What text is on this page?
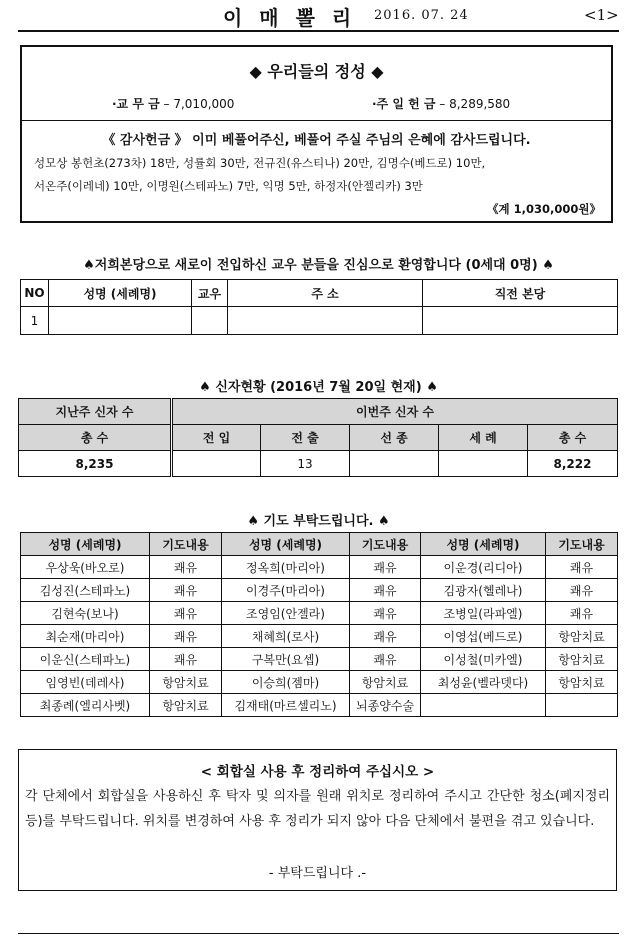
이 매 뽈 리 2016. 07. 24	<1>
◆ 우리들의 정성 ◆
·교 무 금 – 7,010,000	·주 일 헌 금 – 8,289,580
《 감사헌금 》 이미 베풀어주신, 베풀어 주실 주님의 은혜에 감사드립니다.
성모상 봉헌초(273차) 18만, 성률회 30만, 전규진(유스티나) 20만, 김명수(베드로) 10만,
서온주(이레네) 10만, 이명원(스테파노) 7만, 익명 5만, 하정자(안젤리카) 3만
《계 1,030,000원》
♠저희본당으로 새로이 전입하신 교우 분들을 진심으로 환영합니다 (0세대 0명) ♠
NO	성명 (세례명)	교우	주 소	직전 본당
1				
♠ 신자현황 (2016년 7월 20일 현재) ♠
지난주 신자 수	이번주 신자 수				
총 수	전 입	전 출	선 종	세 례	총 수
8,235		13			8,222
♠ 기도 부탁드립니다. ♠
성명 (세례명)	기도내용	성명 (세례명)	기도내용	성명 (세례명)	기도내용
우상욱(바오로)	쾌유	정옥희(마리아)	쾌유	이운경(리디아)	쾌유
김성진(스테파노)	쾌유	이경주(마리아)	쾌유	김광자(헬레나)	쾌유
김현숙(보나)	쾌유	조영임(안젤라)	쾌유	조병일(라파엘)	쾌유
최순재(마리아)	쾌유	채혜희(로사)	쾌유	이영섭(베드로)	항암치료
이운신(스테파노)	쾌유	구복만(요셉)	쾌유	이성철(미카엘)	항암치료
임영빈(데레사)	항암치료	이승희(젬마)	항암치료	최성윤(벨라뎃다)	항암치료
최종례(엘리사벳)	항암치료	김재태(마르셀리노)	뇌종양수술		
< 회합실 사용 후 정리하여 주십시오 >
각 단체에서 회합실을 사용하신 후 탁자 및 의자를 원래 위치로 정리하여 주시고 간단한 청소(폐지정리 등)를 부탁드립니다. 위치를 변경하여 사용 후 정리가 되지 않아 다음 단체에서 불편을 겪고 있습니다.
- 부탁드립니다 .-
